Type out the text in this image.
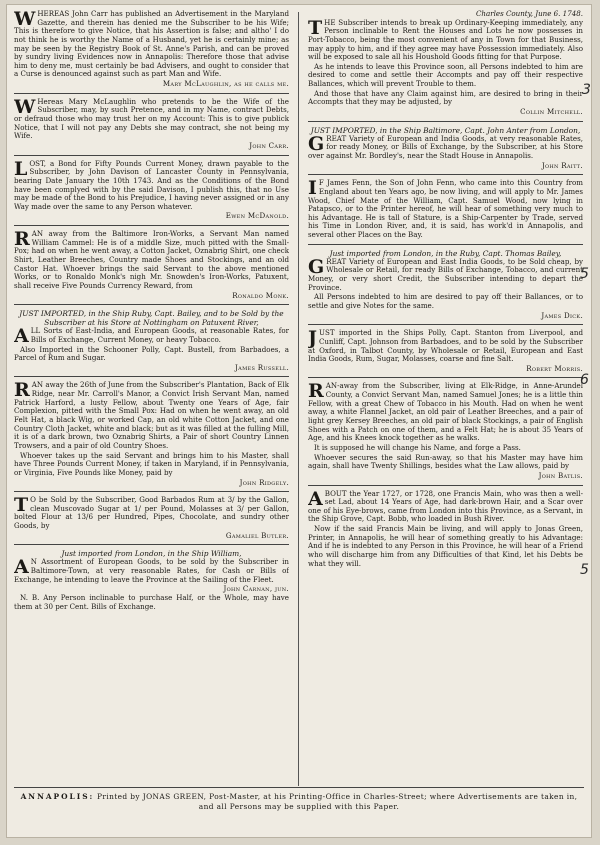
WHEREAS John Carr has published an Advertisement in the Maryland Gazette, and therein has denied me the Subscriber to be his Wife; This is therefore to give Notice, that his Assertion is false; and altho' I do not think he is worthy the Name of a Husband, yet he is certainly mine; as may be seen by the Registry Book of St. Anne's Parish, and can be proved by sundry living Evidences now in Annapolis: Therefore those that advise him to deny me, must certainly be bad Advisers, and ought to consider that a Curse is denounced against such as part Man and Wife.

Mary McLaughlin, as he calls me.

W Hereas Mary McLaughlin who pretends to be the Wife of the Subscriber, may, by such Pretence, and in my Name, contract Debts, or defraud those who may trust her on my Account: This is to give publick Notice, that I will not pay any Debts she may contract, she not being my Wife.

John Carr.

LOST, a Bond for Fifty Pounds Current Money, drawn payable to the Subscriber, by John Davison of Lancaster County in Pennsylvania, bearing Date January the 10th 1743. And as the Conditions of the Bond have been complyed with by the said Davison, I publish this, that no Use may be made of the Bond to his Prejudice, I having never assigned or in any Way made over the same to any Person whatever.

Ewen McDanold.

RAN away from the Baltimore Iron-Works, a Servant Man named William Cammel: He is of a middle Size, much pitted with the Small-Pox; had on when he went away, a Cotton Jacket, Oznabrig Shirt, one check Shirt, Leather Breeches, Country made Shoes and Stockings, and an old Castor Hat. Whoever brings the said Servant to the above mentioned Works, or to Ronaldo Monk's nigh Mr. Snowden's Iron-Works, Patuxent, shall receive Five Pounds Currency Reward, from

Ronaldo Monk.
JUST IMPORTED, in the Ship Ruby, Capt. Bailey, and to be Sold by the Subscriber at his Store at Nottingham on Patuxent River,

ALL Sorts of East-India, and European Goods, at reasonable Rates, for Bills of Exchange, Current Money, or heavy Tobacco.

Also Imported in the Schooner Polly, Capt. Bustell, from Barbadoes, a Parcel of Rum and Sugar.

James Russell.

RAN away the 26th of June from the Subscriber's Plantation, Back of Elk Ridge, near Mr. Carroll's Manor, a Convict Irish Servant Man, named Patrick Harford, a lusty Fellow, about Twenty one Years of Age, fair Complexion, pitted with the Small Pox: Had on when he went away, an old Felt Hat, a black Wig, or worked Cap, an old white Cotton Jacket, and one Country Cloth Jacket, white and black; but as it was filled at the fulling Mill, it is of a dark brown, two Oznabrig Shirts, a Pair of short Country Linnen Trowsers, and a pair of old Country Shoes.

Whoever takes up the said Servant and brings him to his Master, shall have Three Pounds Current Money, if taken in Maryland, if in Pennsylvania, or Virginia, Five Pounds like Money, paid by

John Ridgely.

T O be Sold by the Subscriber, Good Barbados Rum at 3/ by the Gallon, clean Muscovado Sugar at 1/ per Pound, Molasses at 3/ per Gallon, bolted Flour at 13/6 per Hundred, Pipes, Chocolate, and sundry other Goods, by

Gamaliel Butler.
Just imported from London, in the Ship William,

A N Assortment of European Goods, to be sold by the Subscriber in Baltimore-Town, at very reasonable Rates, for Cash or Bills of Exchange, he intending to leave the Province at the Sailing of the Fleet.

John Carnan, jun.

N. B. Any Person inclinable to purchase Half, or the Whole, may have them at 30 per Cent. Bills of Exchange.

Charles County, June 6. 1748.

THE Subscriber intends to break up Ordinary-Keeping immediately, any Person inclinable to Rent the Houses and Lots he now possesses in Port-Tobacco, being the most convenient of any in Town for that Business, may apply to him, and if they agree may have Possession immediately. Also will be exposed to sale all his Houshold Goods fitting for that Purpose.

As he intends to leave this Province soon, all Persons indebted to him are desired to come and settle their Accompts and pay off their respective Ballances, which will prevent Trouble to them.

And those that have any Claim against him, are desired to bring in their Accompts that they may be adjusted, by

Collin Mitchell.
JUST IMPORTED, in the Ship Baltimore, Capt. John Anter from London,

GREAT Variety of European and India Goods, at very reasonable Rates, for ready Money, or Bills of Exchange, by the Subscriber, at his Store over against Mr. Bordley's, near the Stadt House in Annapolis.

John Raitt.

I F James Fenn, the Son of John Fenn, who came into this Country from England about ten Years ago, be now living, and will apply to Mr. James Wood, Chief Mate of the William, Capt. Samuel Wood, now lying in Patapsco, or to the Printer hereof, he will hear of something very much to his Advantage. He is tall of Stature, is a Ship-Carpenter by Trade, served his Time in London River, and, it is said, has work'd in Annapolis, and several other Places on the Bay.

Just imported from London, in the Ruby, Capt. Thomas Bailey,

GREAT Variety of European and East India Goods, to be Sold cheap, by Wholesale or Retail, for ready Bills of Exchange, Tobacco, and current Money, or very short Credit, the Subscriber intending to depart the Province.

All Persons indebted to him are desired to pay off their Ballances, or to settle and give Notes for the same.

James Dick.

JUST imported in the Ships Polly, Capt. Stanton from Liverpool, and Cunliff, Capt. Johnson from Barbadoes, and to be sold by the Subscriber at Oxford, in Talbot County, by Wholesale or Retail, European and East India Goods, Rum, Sugar, Molasses, coarse and fine Salt.

Robert Morris.

RAN-away from the Subscriber, living at Elk-Ridge, in Anne-Arundel County, a Convict Servant Man, named Samuel Jones; he is a little thin Fellow, with a great Chew of Tobacco in his Mouth. Had on when he went away, a white Flannel Jacket, an old pair of Leather Breeches, and a pair of light grey Kersey Breeches, an old pair of black Stockings, a pair of English Shoes with a Patch on one of them, and a Felt Hat; he is about 35 Years of Age, and his Knees knock together as he walks.

It is supposed he will change his Name, and forge a Pass.

Whoever secures the said Run-away, so that his Master may have him again, shall have Twenty Shillings, besides what the Law allows, paid by

John Batlis.

ABOUT the Year 1727, or 1728, one Francis Main, who was then a well-set Lad, about 14 Years of Age, had dark-brown Hair, and a Scar over one of his Eye-brows, came from London into this Province, as a Servant, in the Ship Grove, Capt. Bobb, who loaded in Bush River.

Now if the said Francis Main be living, and will apply to Jonas Green, Printer, in Annapolis, he will hear of something greatly to his Advantage: And if he is indebted to any Person in this Province, he will hear of a Friend who will discharge him from any Difficulties of that Kind, let his Debts be what they will.

3
5
6
5
ANNAPOLIS: Printed by JONAS GREEN, Post-Master, at his Printing-Office in Charles-Street; where Advertisements are taken in, and all Persons may be supplied with this Paper.
